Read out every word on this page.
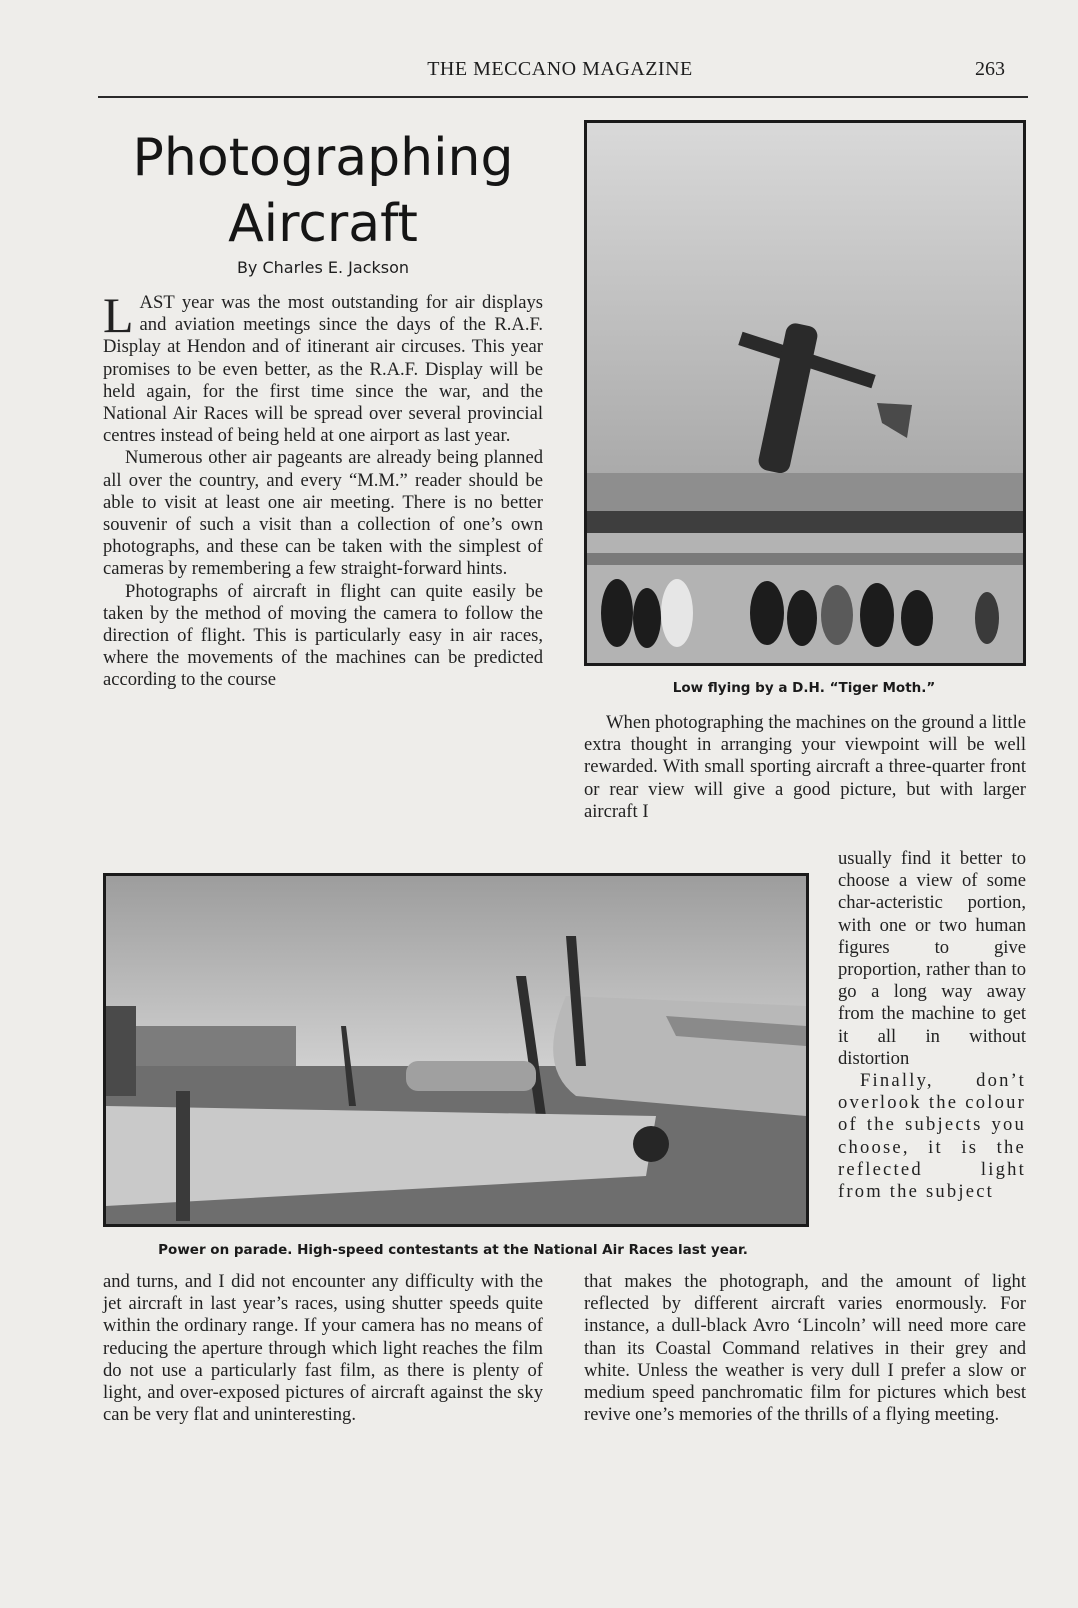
THE MECCANO MAGAZINE	263
Photographing
Aircraft
By Charles E. Jackson

LAST year was the most outstanding for air displays and aviation meetings since the days of the R.A.F. Display at Hendon and of itinerant air circuses. This year promises to be even better, as the R.A.F. Display will be held again, for the first time since the war, and the National Air Races will be spread over several provincial centres instead of being held at one airport as last year.

Numerous other air pageants are already being planned all over the country, and every “M.M.” reader should be able to visit at least one air meeting. There is no better souvenir of such a visit than a collection of one’s own photographs, and these can be taken with the simplest of cameras by remembering a few straight-forward hints.

Photographs of aircraft in flight can quite easily be taken by the method of moving the camera to follow the direction of flight. This is particularly easy in air races, where the movements of the machines can be predicted according to the course	Low flying by a D.H. “Tiger Moth.”

When photographing the machines on the ground a little extra thought in arranging your viewpoint will be well rewarded. With small sporting aircraft a three-quarter front or rear view will give a good picture, but with larger aircraft I

usually find it better to choose a view of some char-acteristic portion, with one or two human figures to give proportion, rather than to go a long way away from the machine to get it all in without distortion

Finally, don’t overlook the colour of the subjects you choose, it is the reflected light from the subject

Power on parade. High-speed contestants at the National Air Races last year.

and turns, and I did not encounter any difficulty with the jet aircraft in last year’s races, using shutter speeds quite within the ordinary range. If your camera has no means of reducing the aperture through which light reaches the film do not use a particularly fast film, as there is plenty of light, and over-exposed pictures of aircraft against the sky can be very flat and uninteresting.

that makes the photograph, and the amount of light reflected by different aircraft varies enormously. For instance, a dull-black Avro ‘Lincoln’ will need more care than its Coastal Command relatives in their grey and white. Unless the weather is very dull I prefer a slow or medium speed panchromatic film for pictures which best revive one’s memories of the thrills of a flying meeting.
